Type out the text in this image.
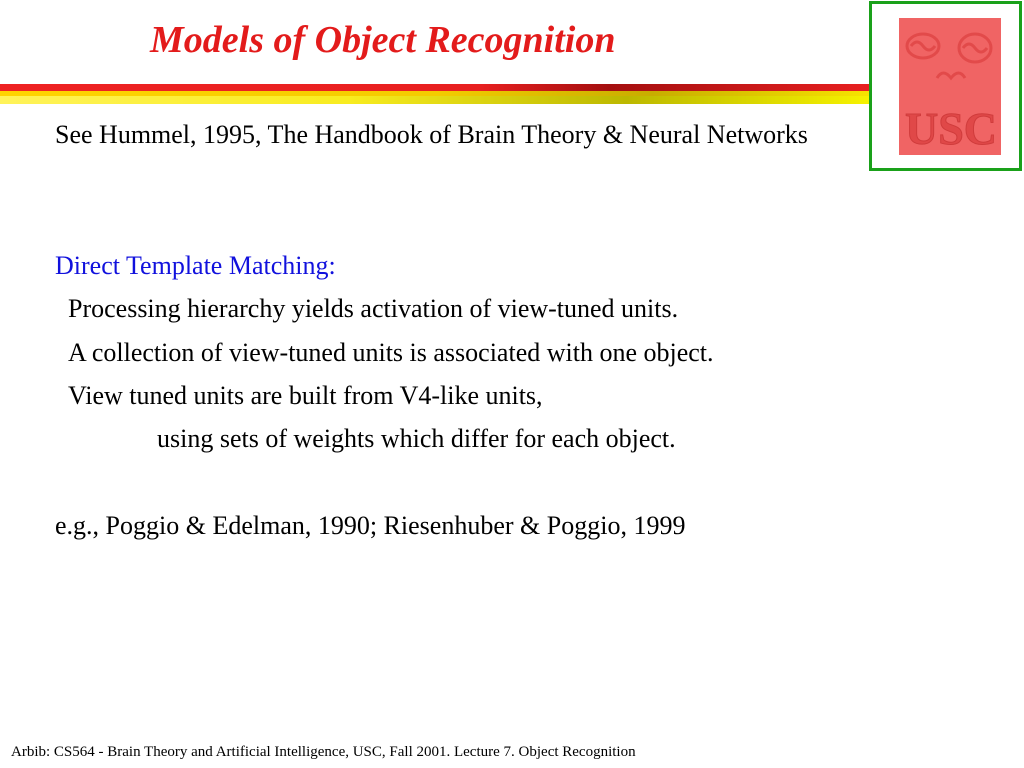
Models of Object Recognition
USC
See Hummel, 1995, The Handbook of Brain Theory & Neural Networks
Direct Template Matching:
Processing hierarchy yields activation of view-tuned units.
A collection of view-tuned units is associated with one object.
View tuned units are built from V4-like units,
using sets of weights which differ for each object.
e.g., Poggio & Edelman, 1990; Riesenhuber & Poggio, 1999
Arbib: CS564 - Brain Theory and Artificial Intelligence, USC, Fall 2001. Lecture 7. Object Recognition
